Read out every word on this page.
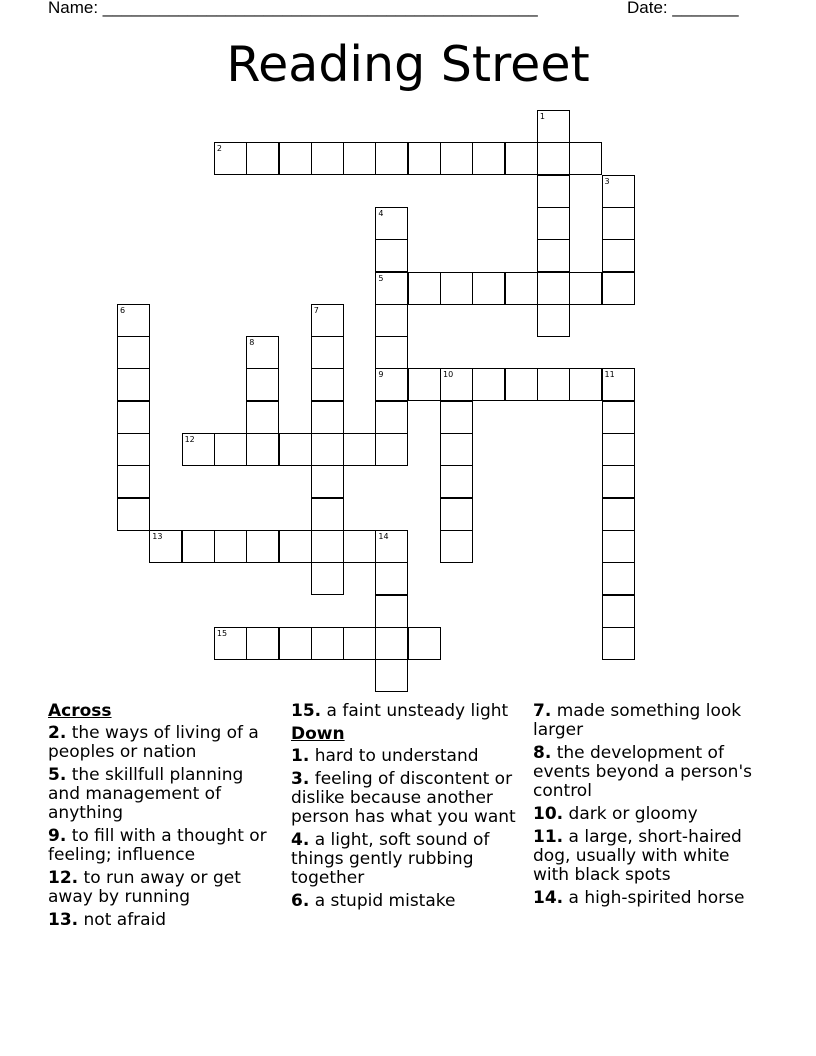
Name: ______________________________________________	Date: _______
Reading Street
1
2
3
4
5
9
6	7
8
10	11
12
13	14
15
Across
2. the ways of living of a peoples or nation
5. the skillfull planning and management of anything
9. to fill with a thought or feeling; influence
12. to run away or get away by running
13. not afraid
15. a faint unsteady light
Down
1. hard to understand
3. feeling of discontent or dislike because another person has what you want
4. a light, soft sound of things gently rubbing together
6. a stupid mistake
7. made something look larger
8. the development of events beyond a person's control
10. dark or gloomy
11. a large, short-haired dog, usually with white with black spots
14. a high-spirited horse
